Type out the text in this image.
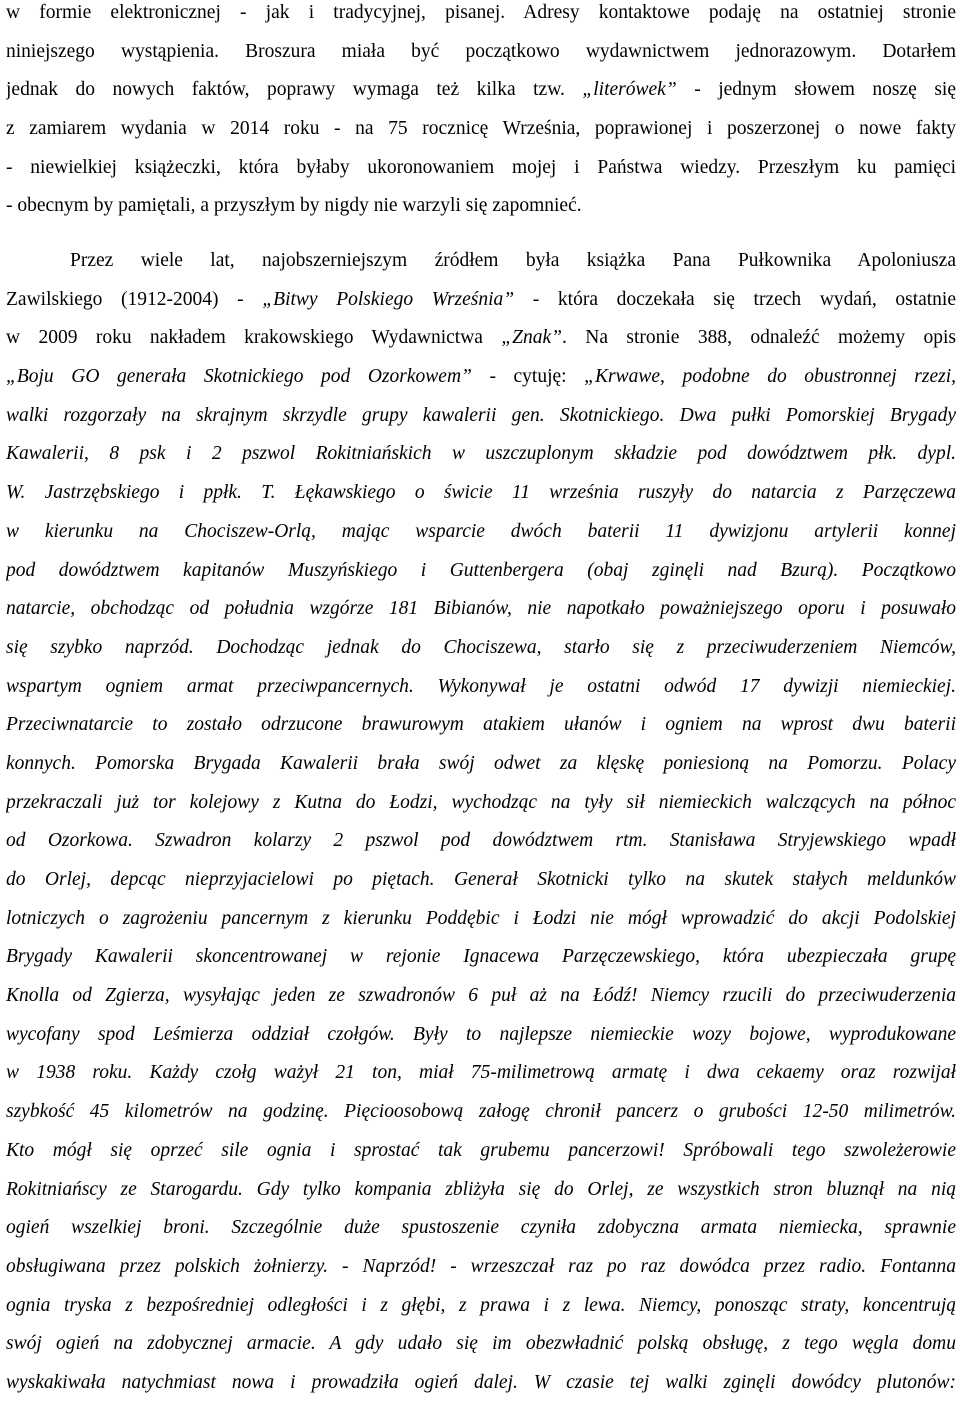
w formie elektronicznej - jak i tradycyjnej, pisanej. Adresy kontaktowe podaję na ostatniej stronie
niniejszego wystąpienia. Broszura miała być początkowo wydawnictwem jednorazowym. Dotarłem
jednak do nowych faktów, poprawy wymaga też kilka tzw. „literówek” - jednym słowem noszę się
z zamiarem wydania w 2014 roku - na 75 rocznicę Września, poprawionej i poszerzonej o nowe fakty
- niewielkiej książeczki, która byłaby ukoronowaniem mojej i Państwa wiedzy. Przeszłym ku pamięci
- obecnym by pamiętali, a przyszłym by nigdy nie warzyli się zapomnieć.
Przez wiele lat, najobszerniejszym źródłem była książka Pana Pułkownika Apoloniusza
Zawilskiego (1912-2004) - „Bitwy Polskiego Września” - która doczekała się trzech wydań, ostatnie
w 2009 roku nakładem krakowskiego Wydawnictwa „Znak”. Na stronie 388, odnaleźć możemy opis
„Boju GO generała Skotnickiego pod Ozorkowem” - cytuję: „Krwawe, podobne do obustronnej rzezi,
walki rozgorzały na skrajnym skrzydle grupy kawalerii gen. Skotnickiego. Dwa pułki Pomorskiej Brygady
Kawalerii, 8 psk i 2 pszwol Rokitniańskich w uszczuplonym składzie pod dowództwem płk. dypl.
W. Jastrzębskiego i ppłk. T. Łękawskiego o świcie 11 września ruszyły do natarcia z Parzęczewa
w kierunku na Chociszew-Orlą, mając wsparcie dwóch baterii 11 dywizjonu artylerii konnej
pod dowództwem kapitanów Muszyńskiego i Guttenbergera (obaj zginęli nad Bzurą). Początkowo
natarcie, obchodząc od południa wzgórze 181 Bibianów, nie napotkało poważniejszego oporu i posuwało
się szybko naprzód. Dochodząc jednak do Chociszewa, starło się z przeciwuderzeniem Niemców,
wspartym ogniem armat przeciwpancernych. Wykonywał je ostatni odwód 17 dywizji niemieckiej.
Przeciwnatarcie to zostało odrzucone brawurowym atakiem ułanów i ogniem na wprost dwu baterii
konnych. Pomorska Brygada Kawalerii brała swój odwet za klęskę poniesioną na Pomorzu. Polacy
przekraczali już tor kolejowy z Kutna do Łodzi, wychodząc na tyły sił niemieckich walczących na północ
od Ozorkowa. Szwadron kolarzy 2 pszwol pod dowództwem rtm. Stanisława Stryjewskiego wpadł
do Orlej, depcąc nieprzyjacielowi po piętach. Generał Skotnicki tylko na skutek stałych meldunków
lotniczych o zagrożeniu pancernym z kierunku Poddębic i Łodzi nie mógł wprowadzić do akcji Podolskiej
Brygady Kawalerii skoncentrowanej w rejonie Ignacewa Parzęczewskiego, która ubezpieczała grupę
Knolla od Zgierza, wysyłając jeden ze szwadronów 6 puł aż na Łódź! Niemcy rzucili do przeciwuderzenia
wycofany spod Leśmierza oddział czołgów. Były to najlepsze niemieckie wozy bojowe, wyprodukowane
w 1938 roku. Każdy czołg ważył 21 ton, miał 75-milimetrową armatę i dwa cekaemy oraz rozwijał
szybkość 45 kilometrów na godzinę. Pięcioosobową załogę chronił pancerz o grubości 12-50 milimetrów.
Kto mógł się oprzeć sile ognia i sprostać tak grubemu pancerzowi! Spróbowali tego szwoleżerowie
Rokitniańscy ze Starogardu. Gdy tylko kompania zbliżyła się do Orlej, ze wszystkich stron bluznął na nią
ogień wszelkiej broni. Szczególnie duże spustoszenie czyniła zdobyczna armata niemiecka, sprawnie
obsługiwana przez polskich żołnierzy. - Naprzód! - wrzeszczał raz po raz dowódca przez radio. Fontanna
ognia tryska z bezpośredniej odległości i z głębi, z prawa i z lewa. Niemcy, ponosząc straty, koncentrują
swój ogień na zdobycznej armacie. A gdy udało się im obezwładnić polską obsługę, z tego węgla domu
wyskakiwała natychmiast nowa i prowadziła ogień dalej. W czasie tej walki zginęli dowódcy plutonów:
